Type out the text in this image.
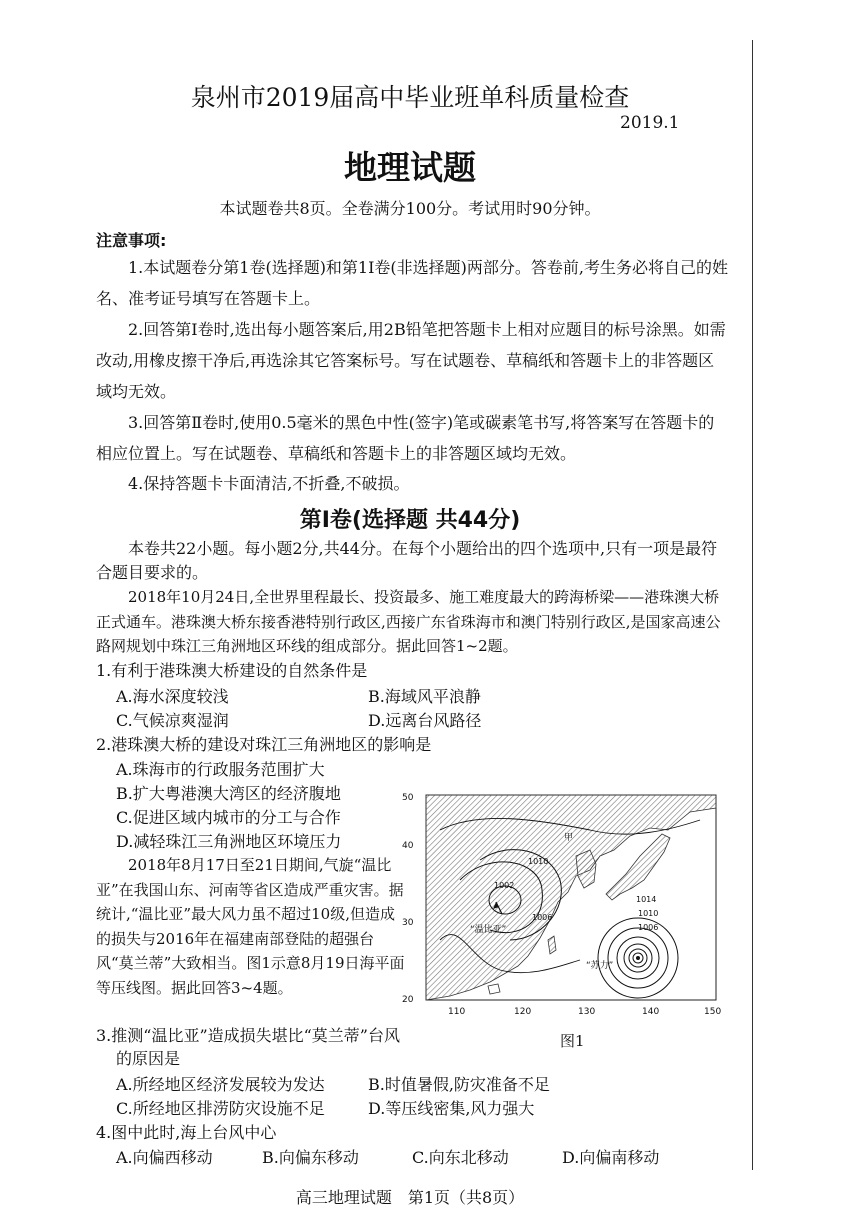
泉州市2019届高中毕业班单科质量检查
2019.1
地理试题
本试题卷共8页。全卷满分100分。考试用时90分钟。
注意事项:
1.本试题卷分第1卷(选择题)和第1I卷(非选择题)两部分。答卷前,考生务必将自己的姓名、准考证号填写在答题卡上。
2.回答第Ⅰ卷时,选出每小题答案后,用2B铅笔把答题卡上相对应题目的标号涂黑。如需改动,用橡皮擦干净后,再选涂其它答案标号。写在试题卷、草稿纸和答题卡上的非答题区域均无效。
3.回答第Ⅱ卷时,使用0.5毫米的黑色中性(签字)笔或碳素笔书写,将答案写在答题卡的相应位置上。写在试题卷、草稿纸和答题卡上的非答题区域均无效。
4.保持答题卡卡面清洁,不折叠,不破损。
第Ⅰ卷(选择题 共44分)
本卷共22小题。每小题2分,共44分。在每个小题给出的四个选项中,只有一项是最符合题目要求的。
2018年10月24日,全世界里程最长、投资最多、施工难度最大的跨海桥梁——港珠澳大桥正式通车。港珠澳大桥东接香港特别行政区,西接广东省珠海市和澳门特别行政区,是国家高速公路网规划中珠江三角洲地区环线的组成部分。据此回答1~2题。
1.有利于港珠澳大桥建设的自然条件是
A.海水深度较浅	B.海域风平浪静
C.气候凉爽湿润	D.远离台风路径
2.港珠澳大桥的建设对珠江三角洲地区的影响是
A.珠海市的行政服务范围扩大
B.扩大粤港澳大湾区的经济腹地
C.促进区域内城市的分工与合作
D.减轻珠江三角洲地区环境压力
2018年8月17日至21日期间,气旋“温比亚”在我国山东、河南等省区造成严重灾害。据统计,“温比亚”最大风力虽不超过10级,但造成的损失与2016年在福建南部登陆的超强台风“莫兰蒂”大致相当。图1示意8月19日海平面等压线图。据此回答3~4题。
3.推测“温比亚”造成损失堪比“莫兰蒂”台风
的原因是
A.所经地区经济发展较为发达	B.时值暑假,防灾准备不足
C.所经地区排涝防灾设施不足	D.等压线密集,风力强大
4.图中此时,海上台风中心
A.向偏西移动	B.向偏东移动	C.向东北移动	D.向偏南移动
甲
“温比亚”
“苏力”
1002
1010
1006
1014
1010
1006
50
40
30
20
110	120	130	140	150
图1
高三地理试题　第1页（共8页）
